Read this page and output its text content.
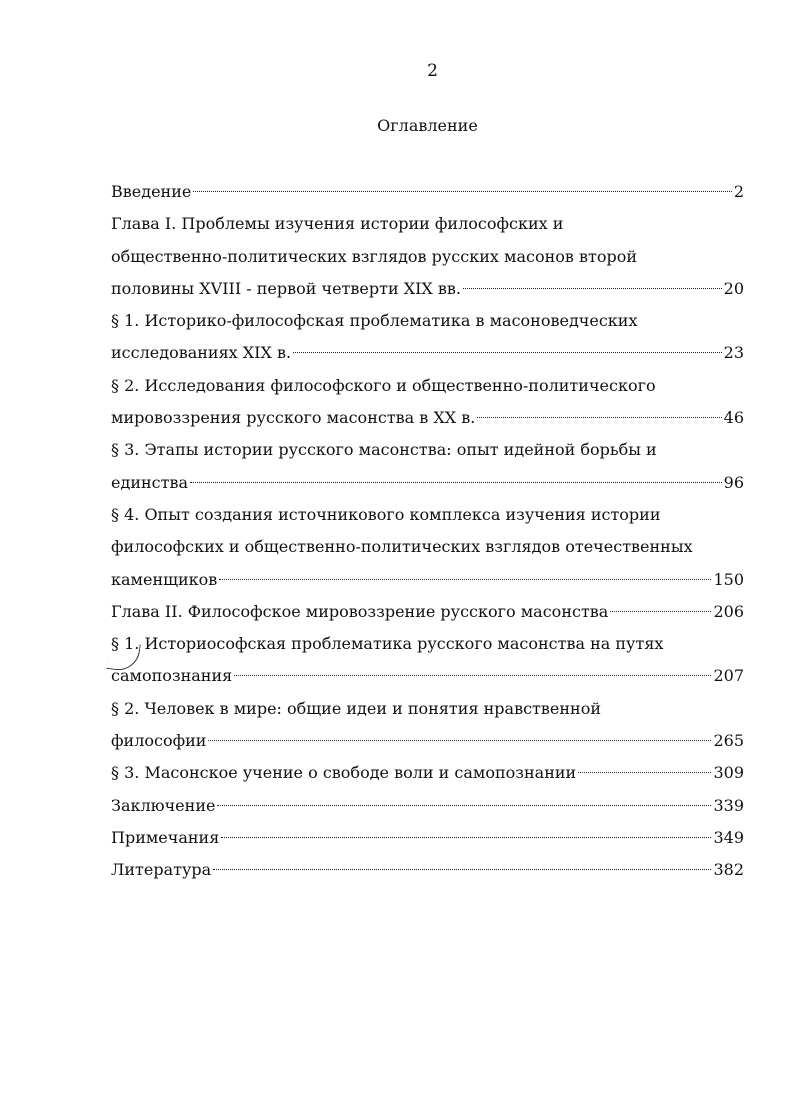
2
Оглавление
Введение	2
Глава I. Проблемы изучения истории философских и
общественно-политических взглядов русских масонов второй
половины XVIII - первой четверти XIX вв.	20
§ 1. Историко-философская проблематика в масоноведческих
исследованиях XIX в.	23
§ 2. Исследования философского и общественно-политического
мировоззрения русского масонства в XX в.	46
§ 3. Этапы истории русского масонства: опыт идейной борьбы и
единства	96
§ 4. Опыт создания источникового комплекса изучения истории
философских и общественно-политических взглядов отечественных
каменщиков	150
Глава II. Философское мировоззрение русского масонства	206
§ 1. Историософская проблематика русского масонства на путях
самопознания	207
§ 2. Человек в мире: общие идеи и понятия нравственной
философии	265
§ 3. Масонское учение о свободе воли и самопознании	309
Заключение	339
Примечания	349
Литература	382
